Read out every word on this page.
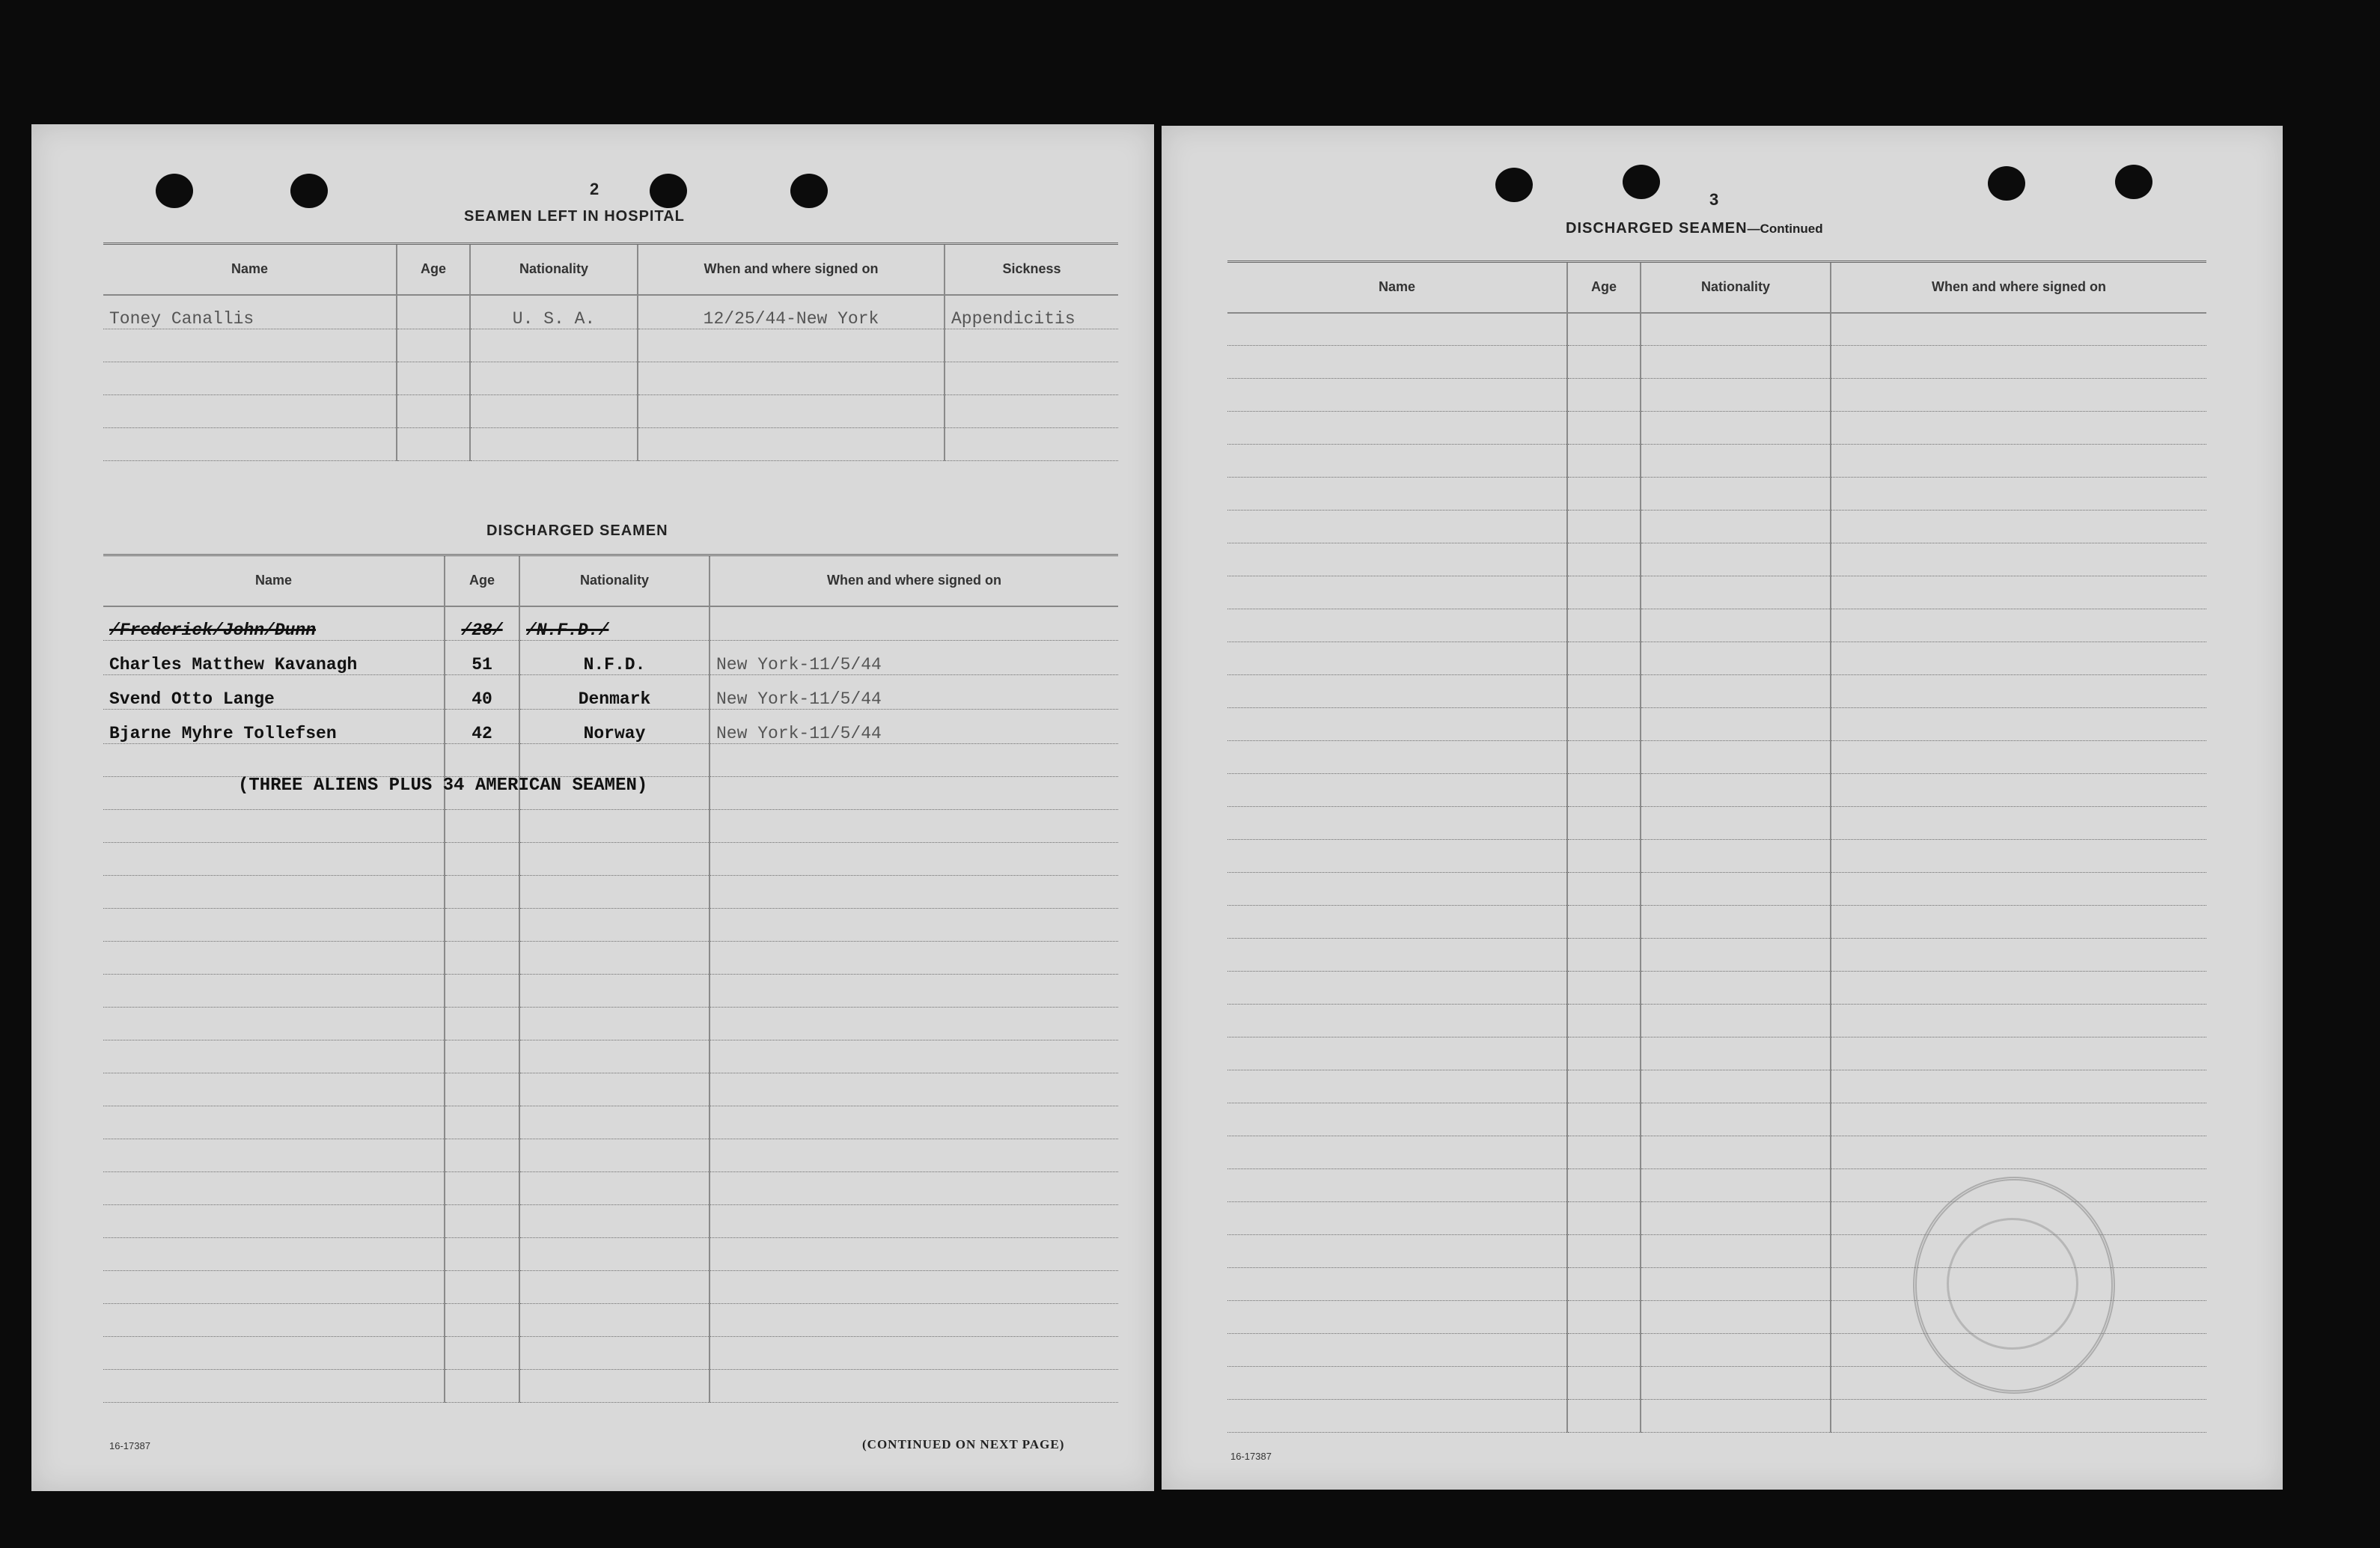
2
SEAMEN LEFT IN HOSPITAL
Name	Age	Nationality	When and where signed on	Sickness
Toney Canallis		U. S. A.	12/25/44-New York	Appendicitis

DISCHARGED SEAMEN
Name	Age	Nationality	When and where signed on
/Frederick/John/Dunn	/28/	/N.F.D./	
Charles Matthew Kavanagh	51	N.F.D.	New York-11/5/44
Svend Otto Lange	40	Denmark	New York-11/5/44
Bjarne Myhre Tollefsen	42	Norway	New York-11/5/44

(THREE ALIENS PLUS 34 AMERICAN SEAMEN)
16-17387	(CONTINUED ON NEXT PAGE)
3
DISCHARGED SEAMEN—Continued
Name	Age	Nationality	When and where signed on

16-17387
